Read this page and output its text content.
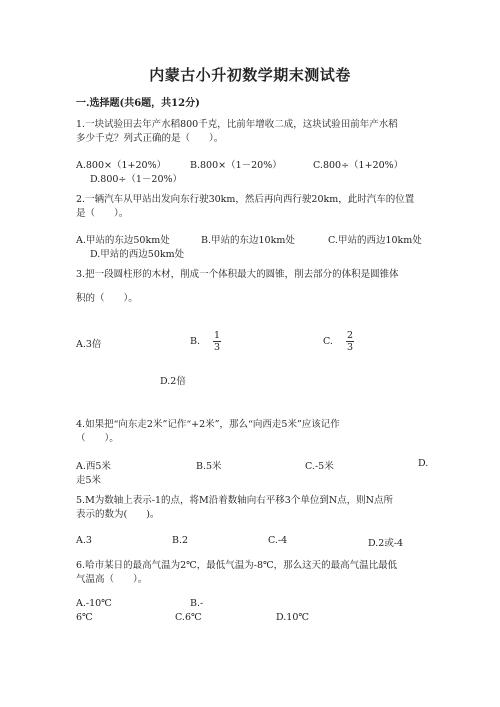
内蒙古小升初数学期末测试卷
一.选择题(共6题，共12分)
1.一块试验田去年产水稻800千克，比前年增收二成，这块试验田前年产水稻
多少千克？列式正确的是（　　）。
A.800×（1+20%）	B.800×（1－20%）	C.800÷（1+20%）
D.800÷（1－20%）
2.一辆汽车从甲站出发向东行驶30km，然后再向西行驶20km，此时汽车的位置
是（　　）。
A.甲站的东边50km处	B.甲站的东边10km处	C.甲站的西边10km处
D.甲站的西边50km处
3.把一段圆柱形的木材，削成一个体积最大的圆锥，削去部分的体积是圆锥体
积的（　　）。
A.3倍	B.
1
3
C.
2
3
D.2倍
4.如果把“向东走2米”记作“+2米”，那么“向西走5米”应该记作
（　　）。
A.西5米	B.5米	C.-5米	D.
走5米
5.M为数轴上表示-1的点，将M沿着数轴向右平移3个单位到N点，则N点所
表示的数为(　　)。
A.3	B.2	C.-4	D.2或-4
6.哈市某日的最高气温为2℃，最低气温为-8℃，那么这天的最高气温比最低
气温高（　　）。
A.-10℃	B.-
6℃	C.6℃	D.10℃
